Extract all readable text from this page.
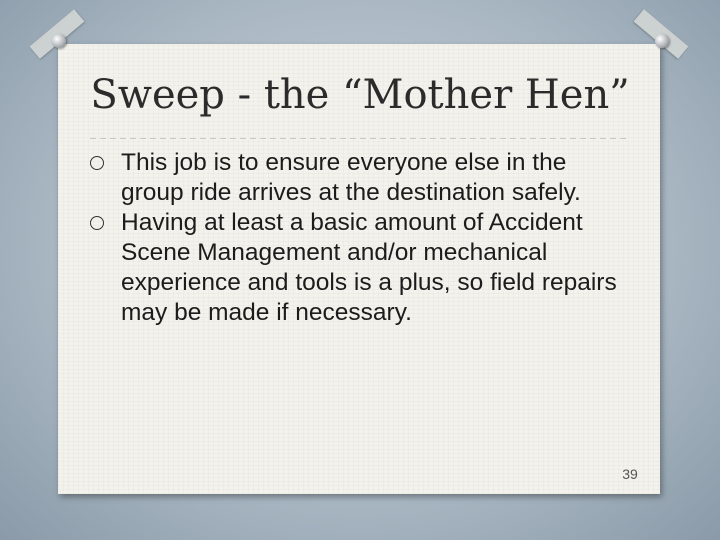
Sweep - the “Mother Hen”
This job is to ensure everyone else in the group ride arrives at the destination safely.
Having at least a basic amount of Accident Scene Management and/or mechanical experience and tools is a plus, so field repairs may be made if necessary.
39
